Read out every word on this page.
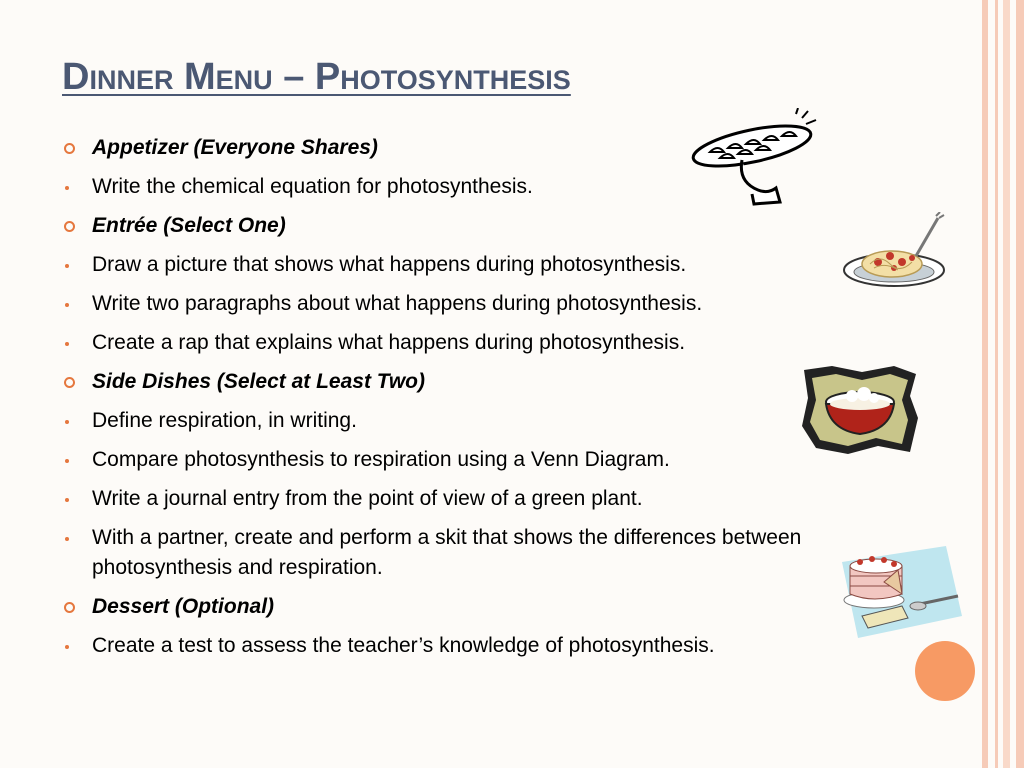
Dinner Menu – Photosynthesis
Appetizer (Everyone Shares)
Write the chemical equation for photosynthesis.
Entrée (Select One)
Draw a picture that shows what happens during photosynthesis.
Write two paragraphs about what happens during photosynthesis.
Create a rap that explains what happens during photosynthesis.
Side Dishes (Select at Least Two)
Define respiration, in writing.
Compare photosynthesis to respiration using a Venn Diagram.
Write a journal entry from the point of view of a green plant.
With a partner, create and perform a skit that shows the differences between photosynthesis and respiration.
Dessert (Optional)
Create a test to assess the teacher’s knowledge of photosynthesis.
